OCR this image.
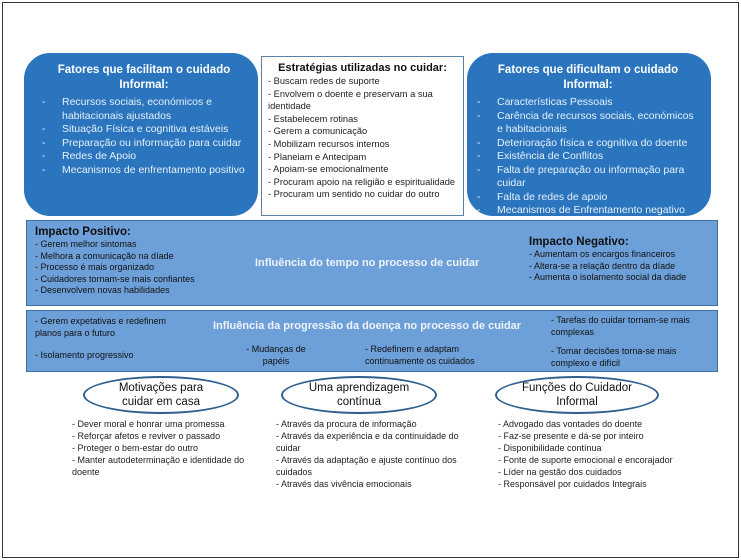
Fatores que facilitam o cuidado Informal:
- Recursos sociais, económicos e habitacionais ajustados
- Situação Física e cognitiva estáveis
- Preparação ou informação para cuidar
- Redes de Apoio
- Mecanismos de enfrentamento positivo
Estratégias utilizadas no cuidar:
- Buscam redes de suporte
- Envolvem o doente e preservam a sua identidade
- Estabelecem rotinas
- Gerem a comunicação
- Mobilizam recursos internos
- Planeiam e Antecipam
- Apoiam-se emocionalmente
- Procuram apoio na religião e espiritualidade
- Procuram um sentido no cuidar do outro
Fatores que dificultam o cuidado Informal:
- Características Pessoais
- Carência de recursos sociais, económicos e habitacionais
- Deterioração física e cognitiva do doente
- Existência de Conflitos
- Falta de preparação ou informação para cuidar
- Falta de redes de apoio
- Mecanismos de Enfrentamento negativo
Impacto Positivo:
- Gerem melhor sintomas
- Melhora a comunicação na díade
- Processo é mais organizado
- Cuidadores tornam-se mais confiantes
- Desenvolvem novas habilidades
Influência do tempo no processo de cuidar
Impacto Negativo:
- Aumentam os encargos financeiros
- Altera-se a relação dentro da díade
- Aumenta o isolamento social da diade
- Gerem expetativas e redefinem planos para o futuro
- Isolamento progressivo
Influência da progressão da doença no processo de cuidar
- Mudanças de papéis
- Redefinem e adaptam continuamente os cuidados
- Tarefas do cuidar tornam-se mais complexas
- Tomar decisões torna-se mais complexo e difícil
Motivações para cuidar em casa
- Dever moral e honrar uma promessa
- Reforçar afetos e reviver o passado
- Proteger o bem-estar do outro
- Manter autodeterminação e identidade do doente
Uma aprendizagem contínua
- Através da procura de informação
- Através da experiência e da continuidade do cuidar
- Através da adaptação e ajuste contínuo dos cuidados
- Através das vivência emocionais
Funções do Cuidador Informal
- Advogado das vontades do doente
- Faz-se presente e dá-se por inteiro
- Disponibilidade contínua
- Fonte de suporte emocional e encorajador
- Líder na gestão dos cuidados
- Responsável por cuidados Integrais
